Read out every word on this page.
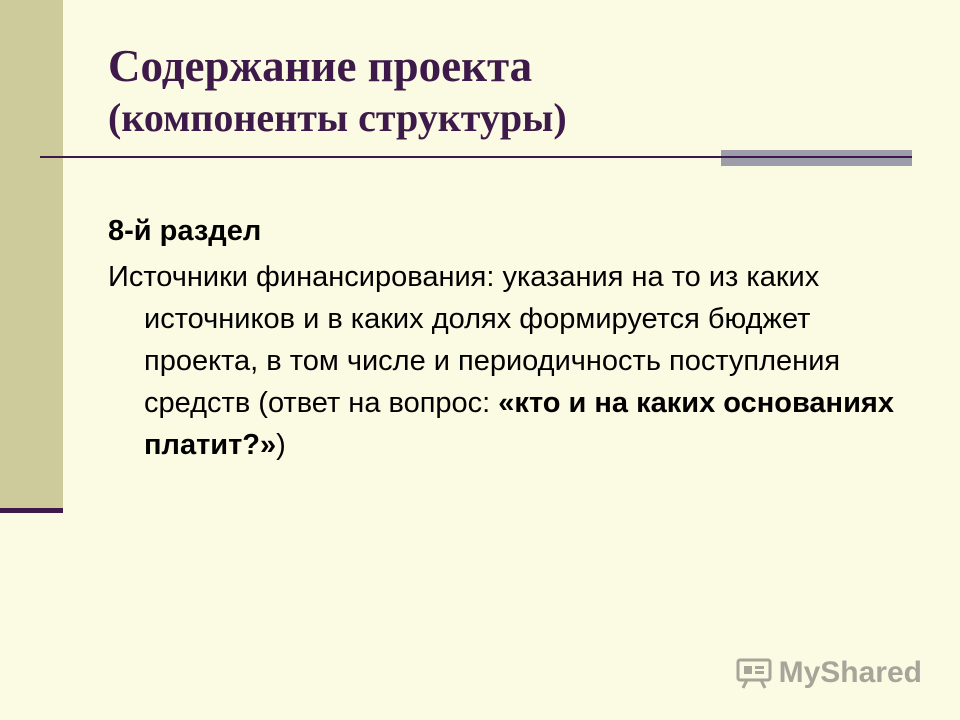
Содержание проекта
(компоненты структуры)

8-й раздел

Источники финансирования: указания на то из каких источников и в каких долях формируется бюджет проекта, в том числе и периодичность поступления средств (ответ на вопрос: «кто и на каких основаниях платит?»)

MyShared
